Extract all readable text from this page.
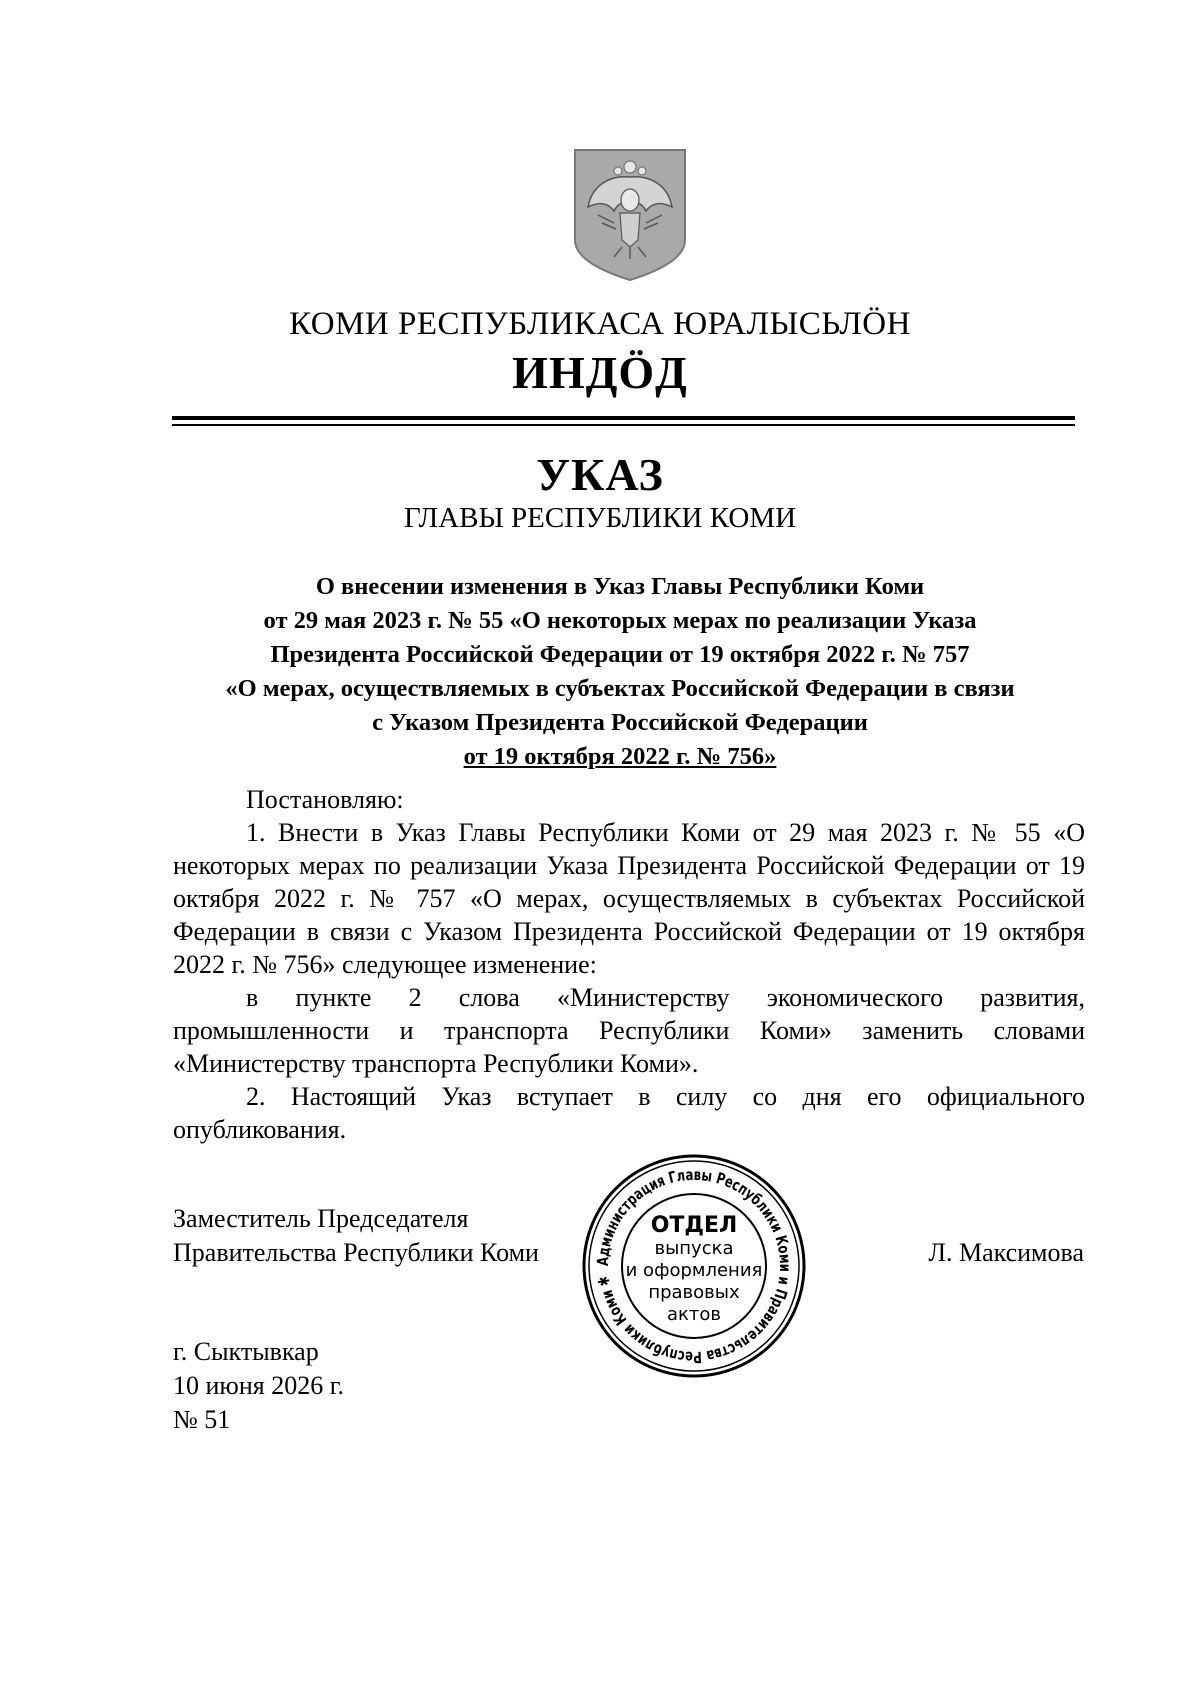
КОМИ РЕСПУБЛИКАСА ЮРАЛЫСЬЛӦН
ИНДӦД
УКАЗ
ГЛАВЫ РЕСПУБЛИКИ КОМИ
О внесении изменения в Указ Главы Республики Коми
от 29 мая 2023 г. № 55 «О некоторых мерах по реализации Указа
Президента Российской Федерации от 19 октября 2022 г. № 757
«О мерах, осуществляемых в субъектах Российской Федерации в связи
с Указом Президента Российской Федерации
от 19 октября 2022 г. № 756»

Постановляю:

1. Внести в Указ Главы Республики Коми от 29 мая 2023 г. № 55 «О некоторых мерах по реализации Указа Президента Российской Федерации от 19 октября 2022 г. № 757 «О мерах, осуществляемых в субъектах Российской Федерации в связи с Указом Президента Российской Федерации от 19 октября 2022 г. № 756» следующее изменение:

в пункте 2 слова «Министерству экономического развития, промышленности и транспорта Республики Коми» заменить словами «Министерству транспорта Республики Коми».

2. Настоящий Указ вступает в силу со дня его официального опубликования.

Заместитель Председателя
Правительства Республики Коми	Л. Максимова
Администрация Главы Республики Коми и Правительства Республики Коми ✱
ОТДЕЛ
выпуска
и оформления
правовых
актов
г. Сыктывкар
10 июня 2026 г.
№ 51
